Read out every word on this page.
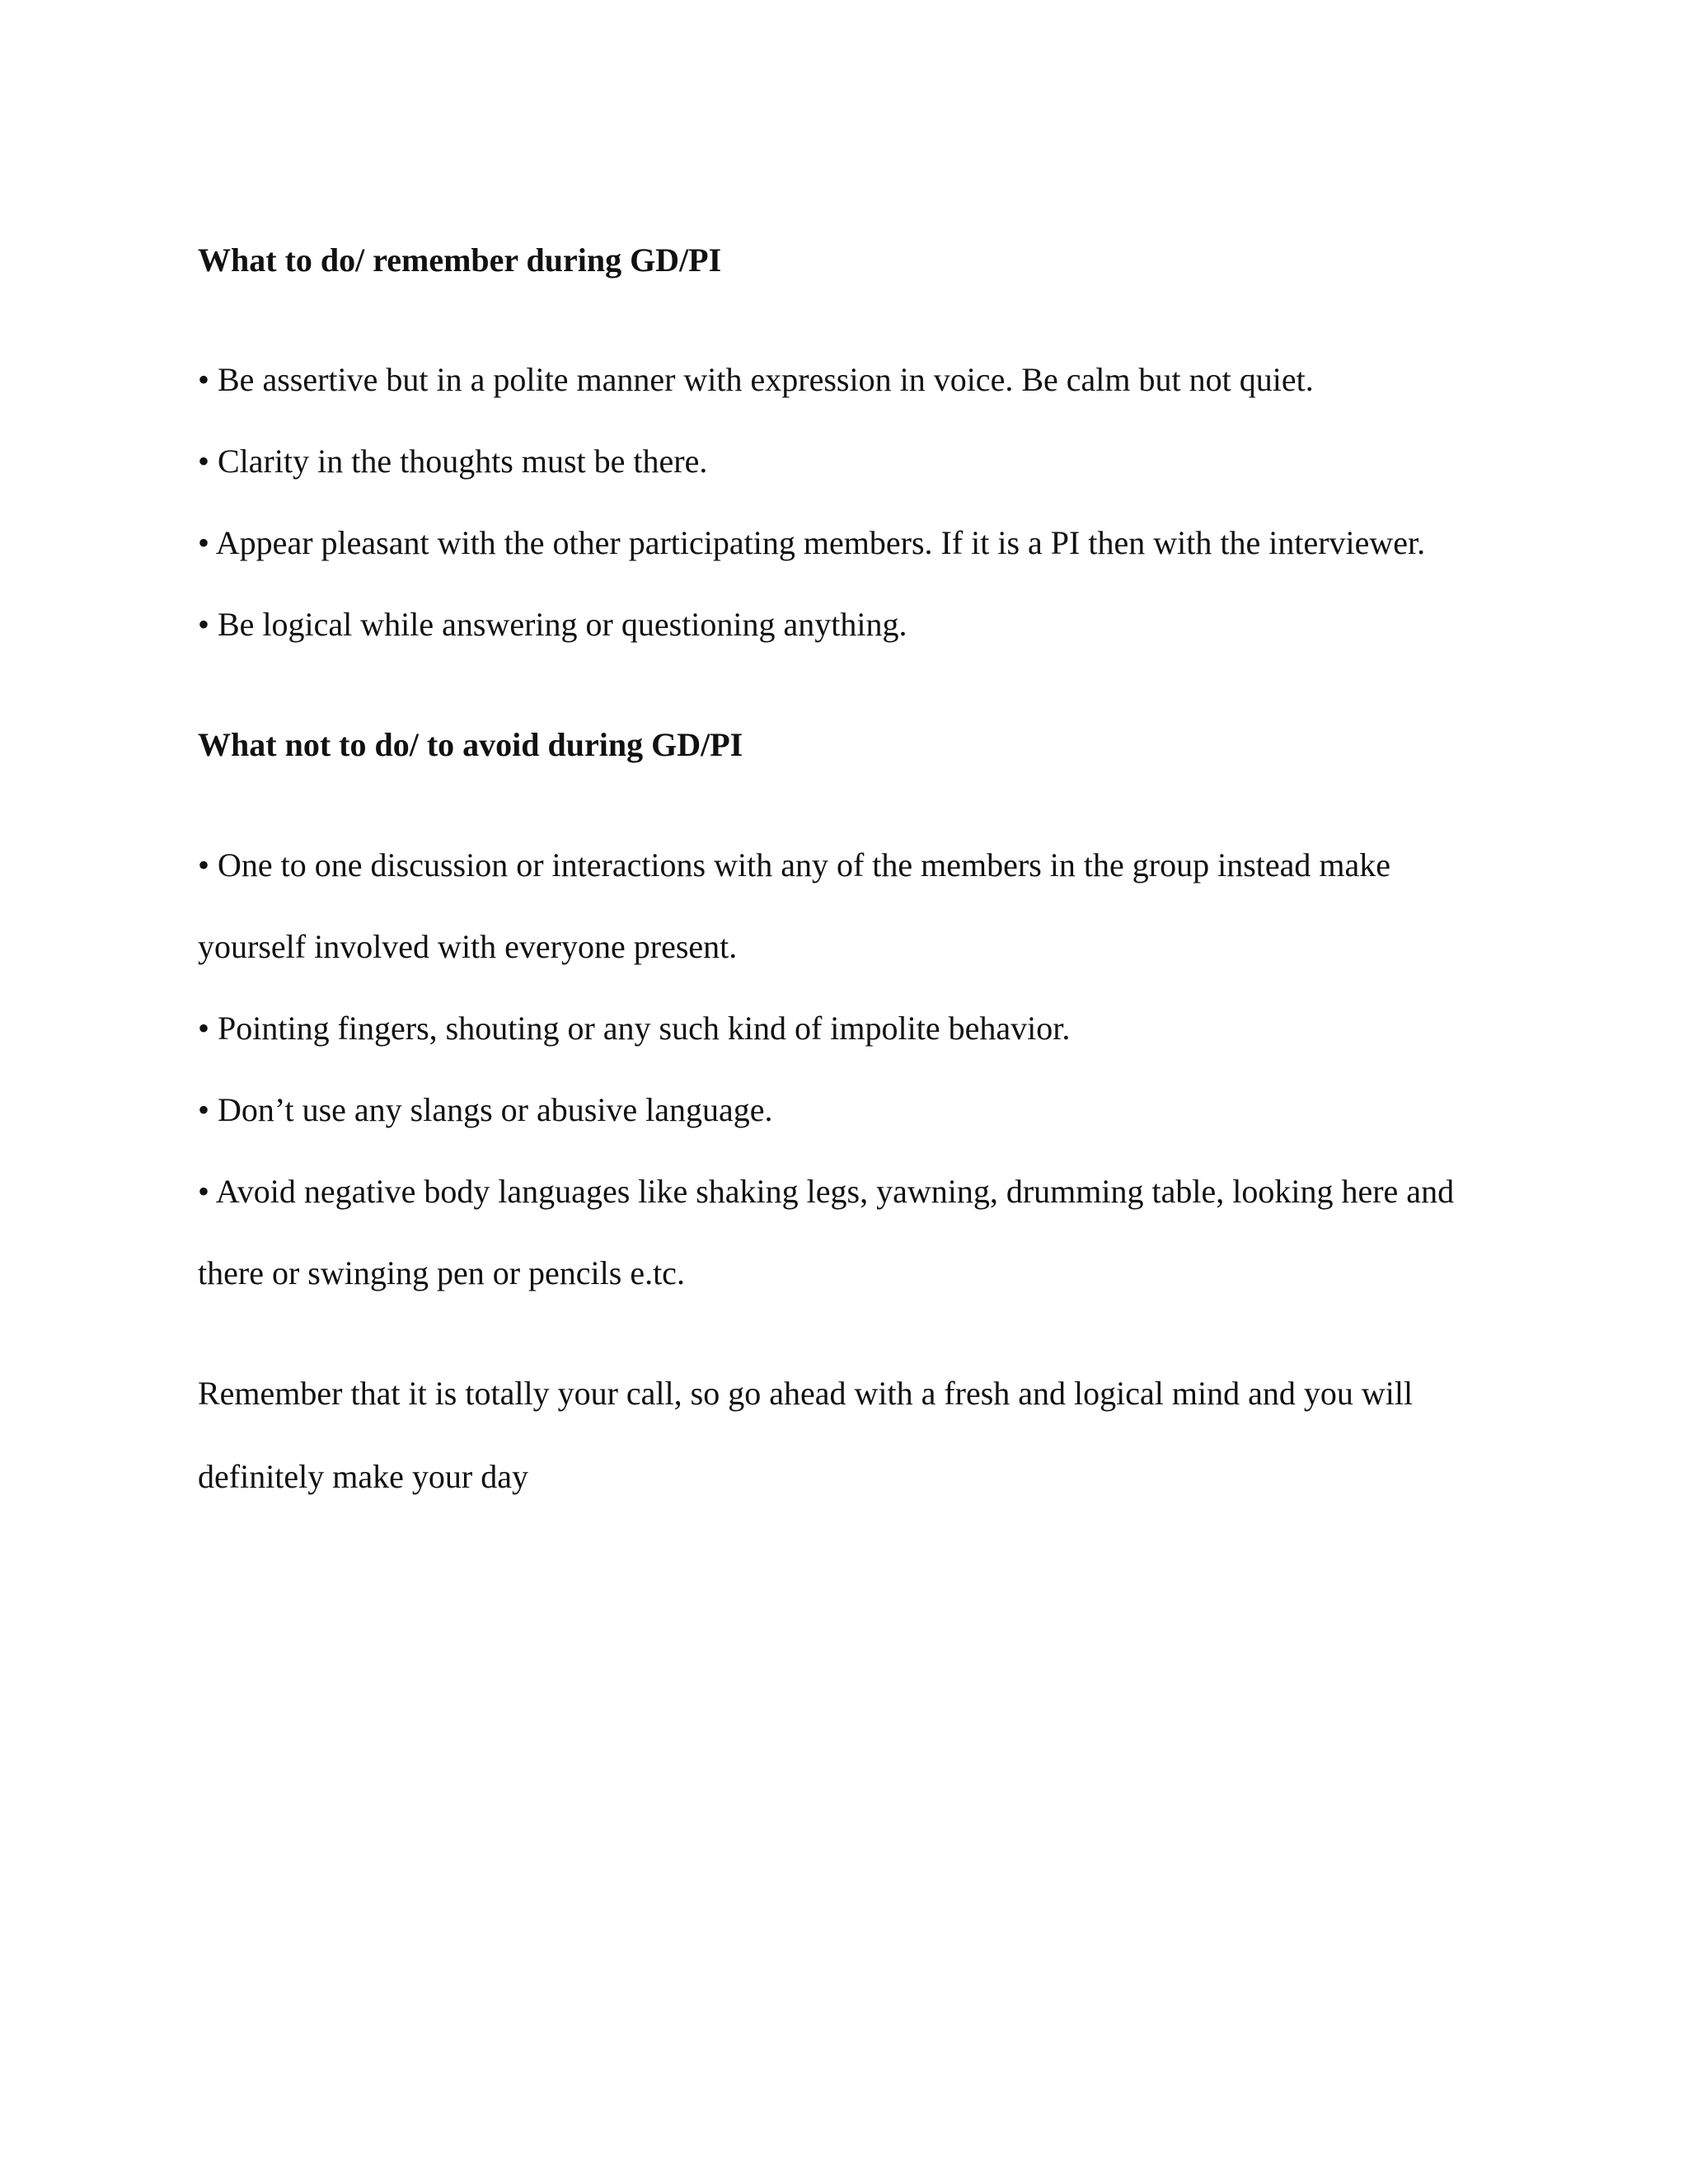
What to do/ remember during GD/PI
• Be assertive but in a polite manner with expression in voice. Be calm but not quiet.
• Clarity in the thoughts must be there.
• Appear pleasant with the other participating members. If it is a PI then with the interviewer.
• Be logical while answering or questioning anything.
What not to do/ to avoid during GD/PI
• One to one discussion or interactions with any of the members in the group instead make
yourself involved with everyone present.
• Pointing fingers, shouting or any such kind of impolite behavior.
• Don’t use any slangs or abusive language.
• Avoid negative body languages like shaking legs, yawning, drumming table, looking here and
there or swinging pen or pencils e.tc.
Remember that it is totally your call, so go ahead with a fresh and logical mind and you will
definitely make your day
